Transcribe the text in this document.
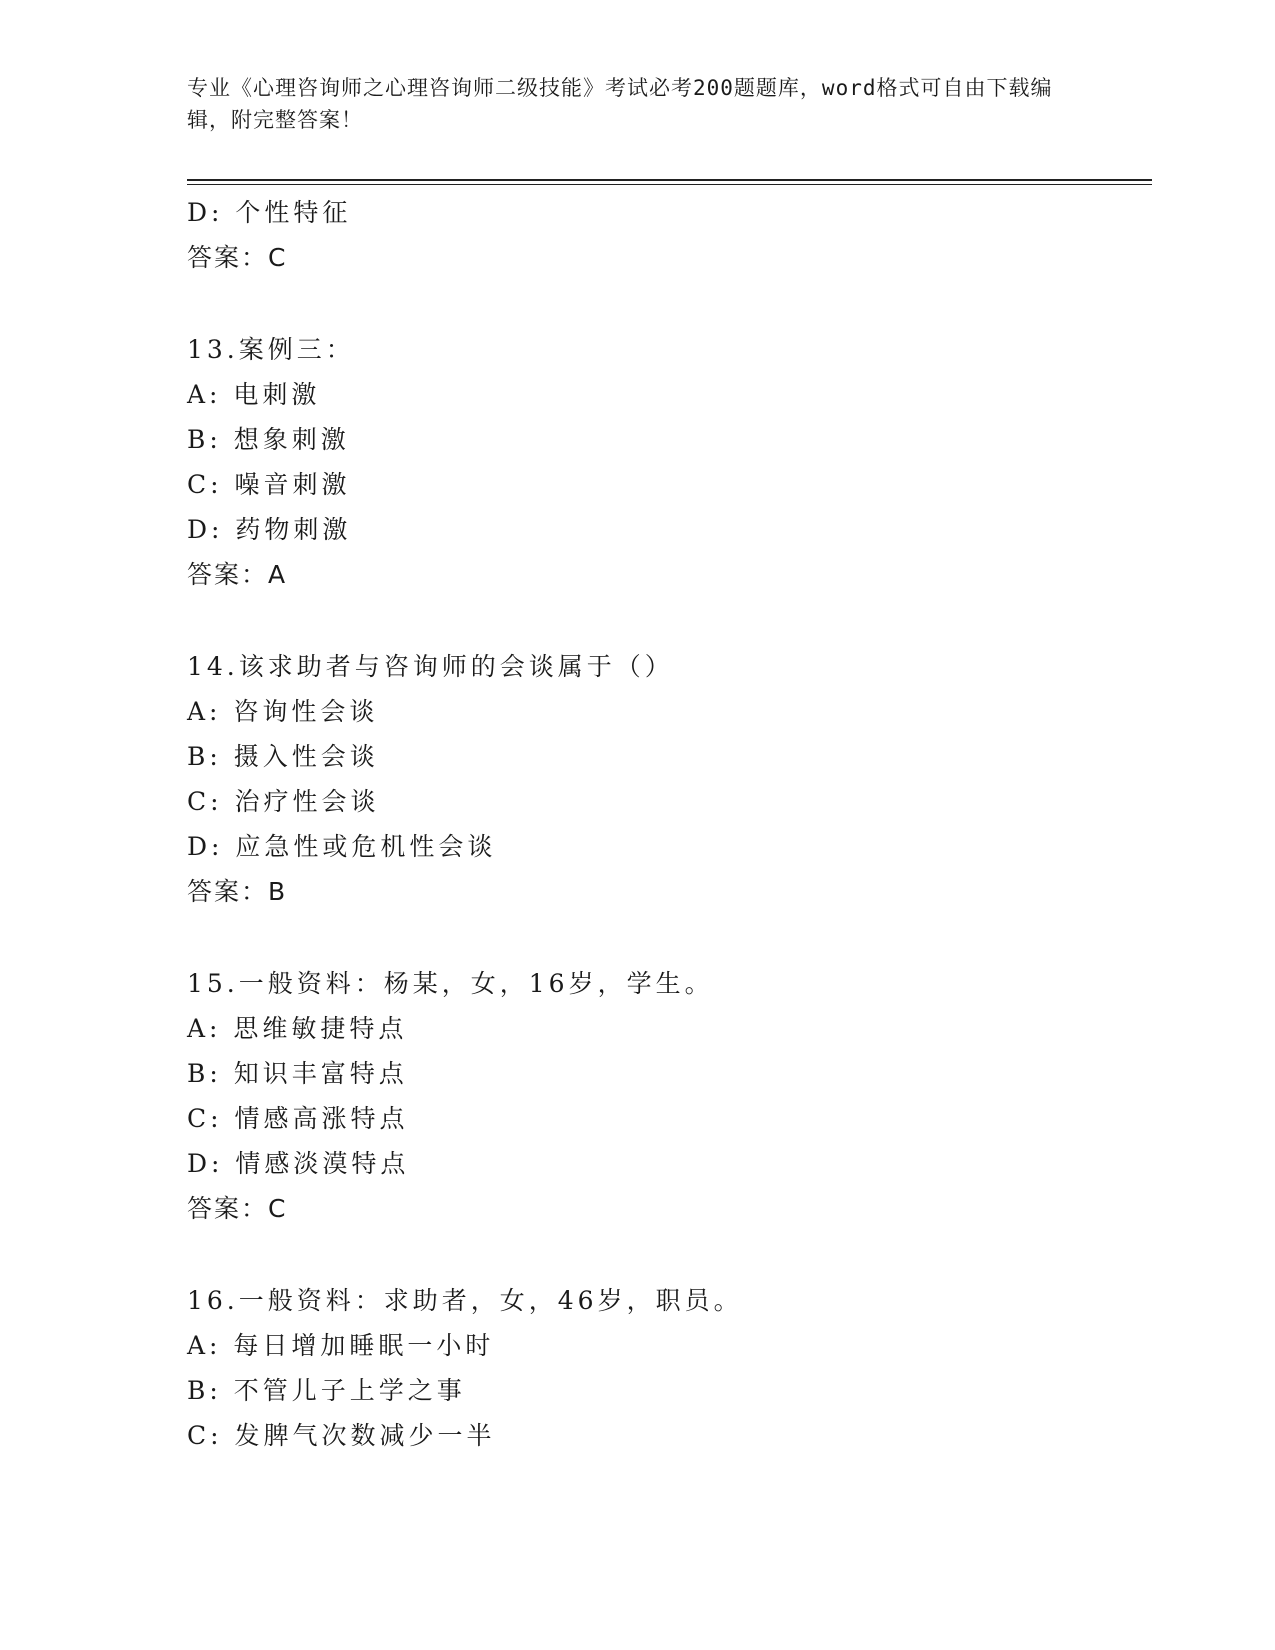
专业《心理咨询师之心理咨询师二级技能》考试必考200题题库，word格式可自由下载编辑，附完整答案！
D: 个性特征
答案：C
13.案例三：
A: 电刺激
B: 想象刺激
C: 噪音刺激
D: 药物刺激
答案：A
14.该求助者与咨询师的会谈属于（）
A: 咨询性会谈
B: 摄入性会谈
C: 治疗性会谈
D: 应急性或危机性会谈
答案：B
15.一般资料：杨某，女，16岁，学生。
A: 思维敏捷特点
B: 知识丰富特点
C: 情感高涨特点
D: 情感淡漠特点
答案：C
16.一般资料：求助者，女，46岁，职员。
A: 每日增加睡眠一小时
B: 不管儿子上学之事
C: 发脾气次数减少一半
